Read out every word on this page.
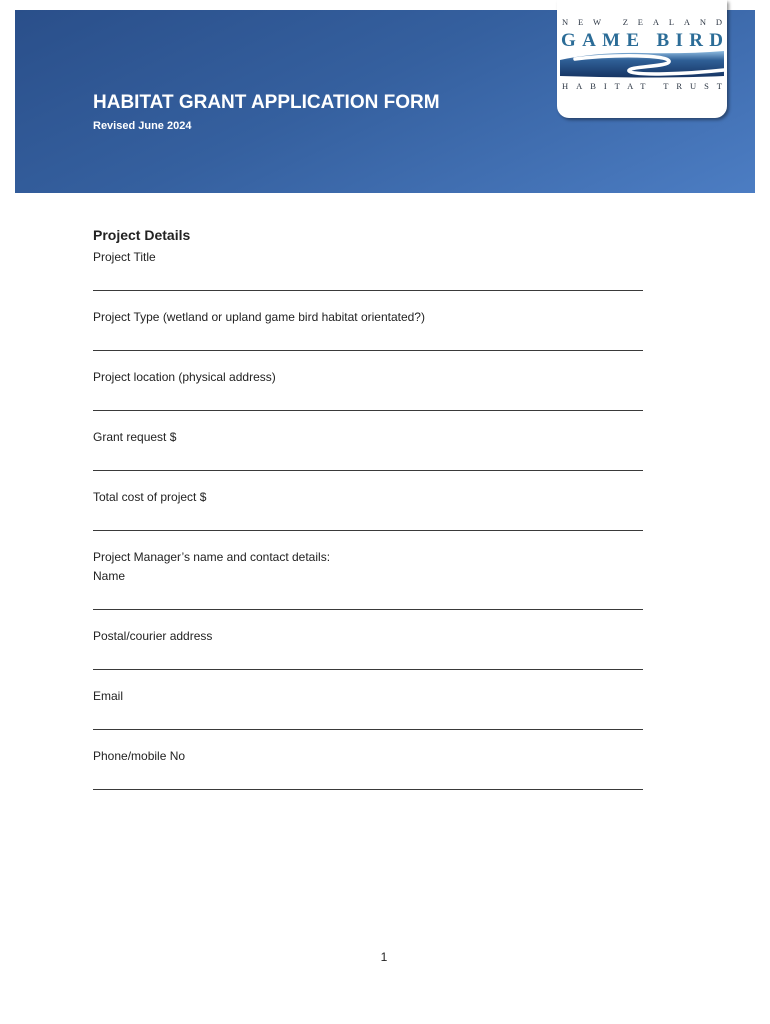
HABITAT GRANT APPLICATION FORM
Revised June 2024
NEW ZEALAND
GAME BIRD
HABITAT TRUST
Project Details
Project Title
Project Type (wetland or upland game bird habitat orientated?)
Project location (physical address)
Grant request $
Total cost of project $
Project Manager’s name and contact details:
Name
Postal/courier address
Email
Phone/mobile No
1
